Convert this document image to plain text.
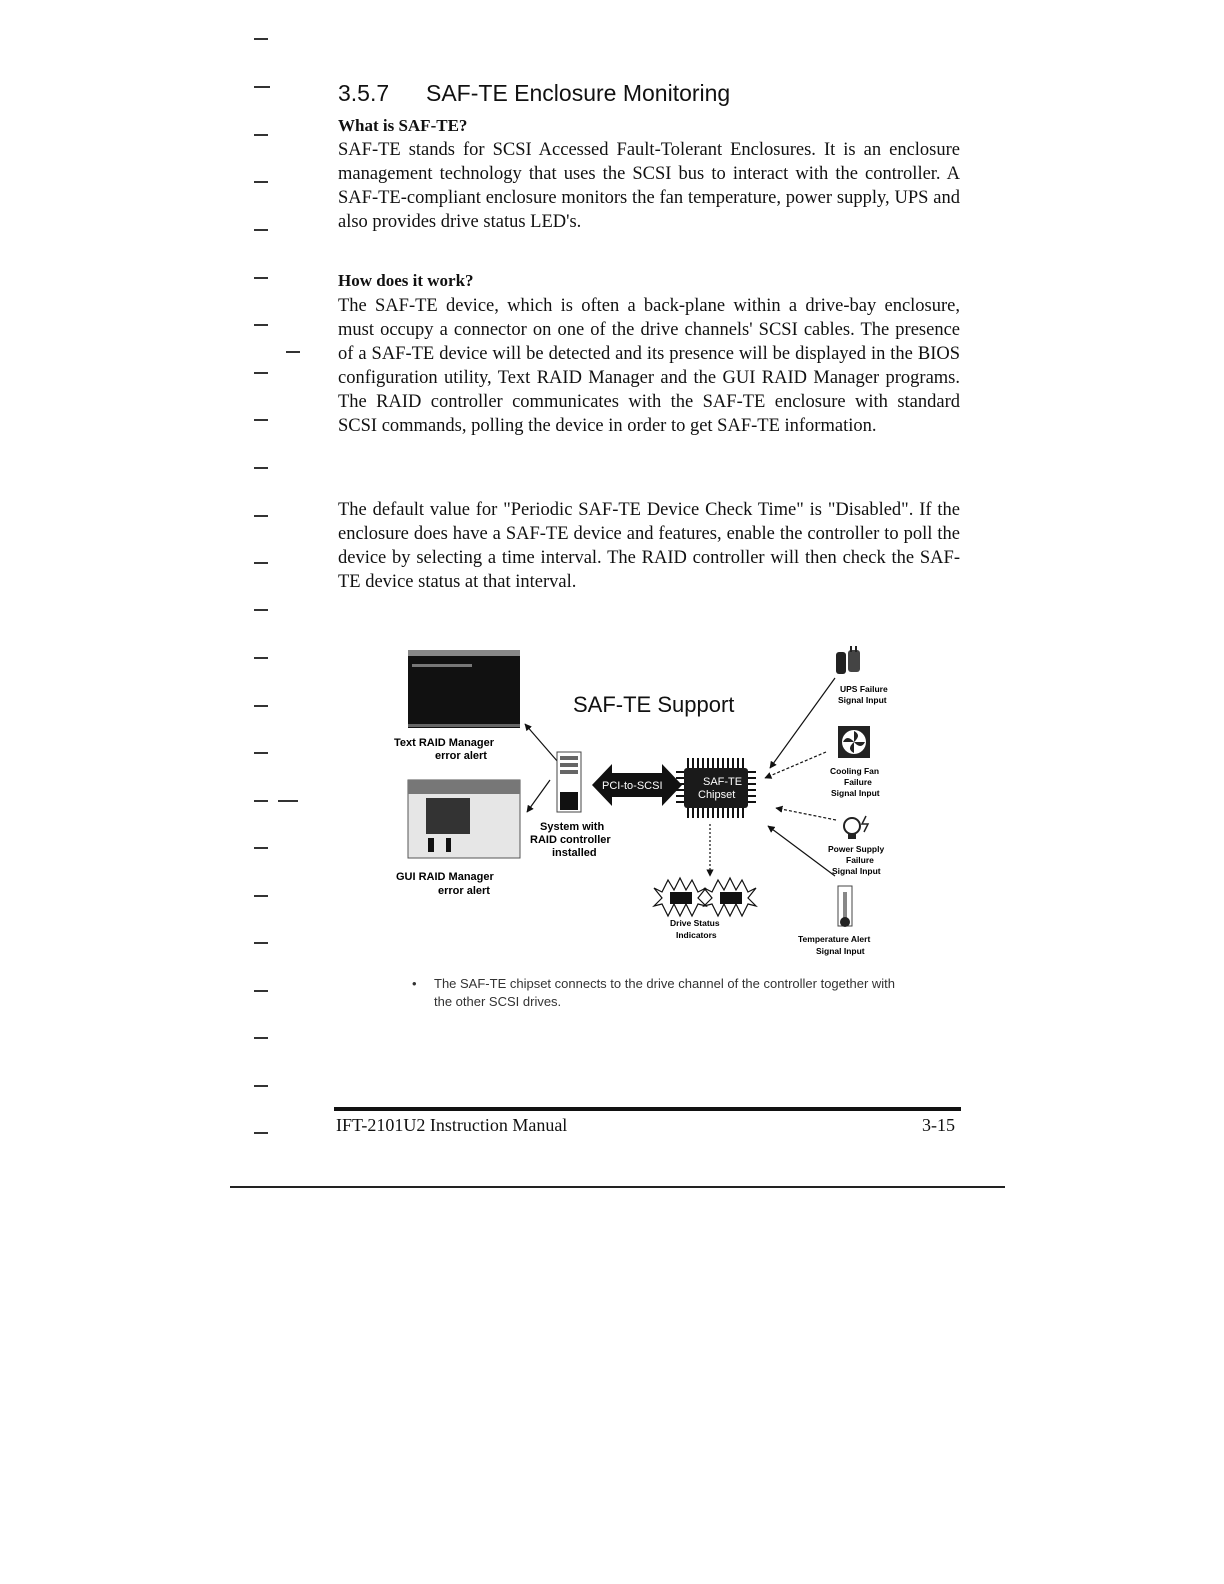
3.5.7 SAF-TE Enclosure Monitoring
What is SAF-TE?

SAF-TE stands for SCSI Accessed Fault-Tolerant Enclosures. It is an enclosure management technology that uses the SCSI bus to interact with the controller. A SAF-TE-compliant enclosure monitors the fan temperature, power supply, UPS and also provides drive status LED's.

How does it work?

The SAF-TE device, which is often a back-plane within a drive-bay enclosure, must occupy a connector on one of the drive channels' SCSI cables. The presence of a SAF-TE device will be detected and its presence will be displayed in the BIOS configuration utility, Text RAID Manager and the GUI RAID Manager programs. The RAID controller communicates with the SAF-TE enclosure with standard SCSI commands, polling the device in order to get SAF-TE information.

The default value for "Periodic SAF-TE Device Check Time" is "Disabled". If the enclosure does have a SAF-TE device and features, enable the controller to poll the device by selecting a time interval. The RAID controller will then check the SAF-TE device status at that interval.

SAF-TE Support
Text RAID Manager
error alert
GUI RAID Manager
error alert
System with
RAID controller
installed
PCI-to-SCSI	SAF-TE
Chipset
UPS Failure
Signal Input
Cooling Fan
Failure
Signal Input
Power Supply
Failure
Signal Input
Temperature Alert
Signal Input
Drive Status
Indicators

• The SAF-TE chipset connects to the drive channel of the controller together with the other SCSI drives.

IFT-2101U2 Instruction Manual	3-15
